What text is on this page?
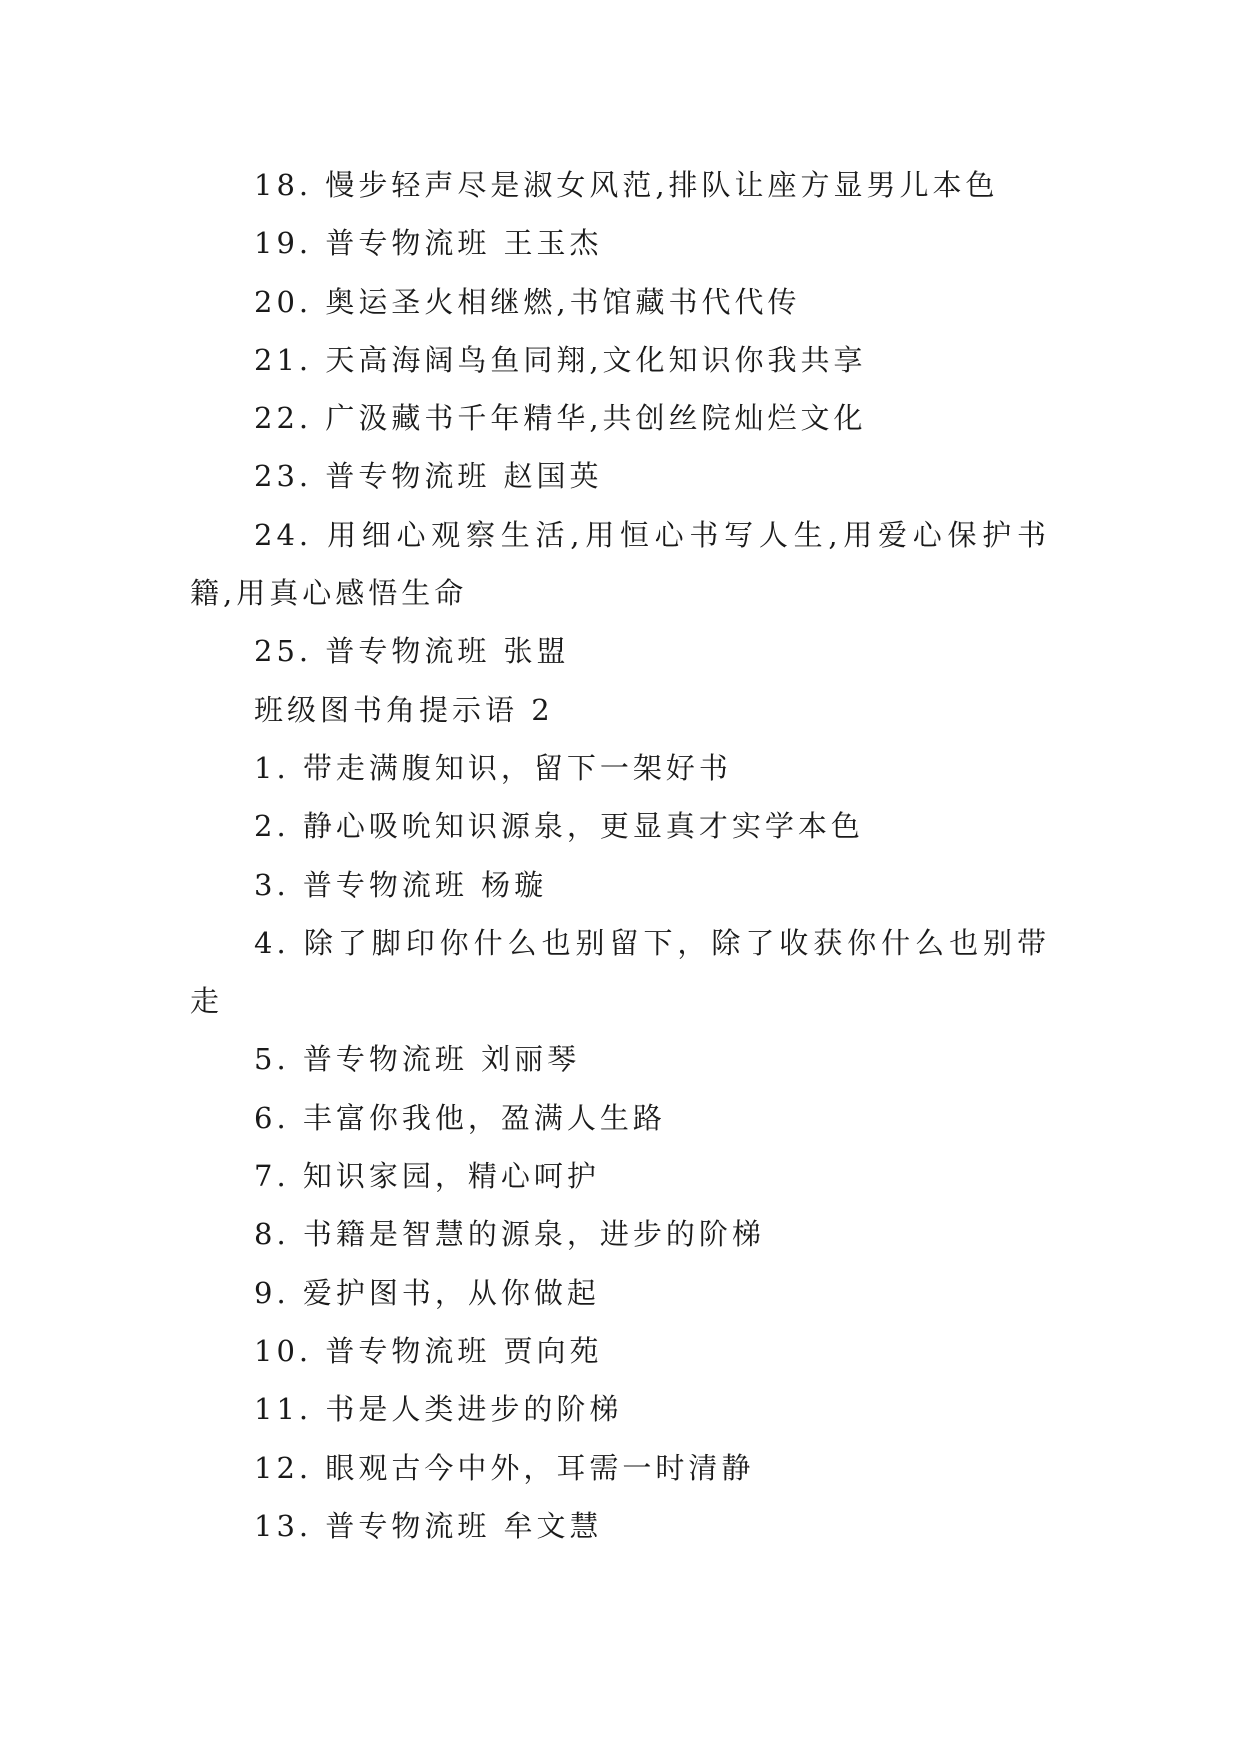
18. 慢步轻声尽是淑女风范,排队让座方显男儿本色

19. 普专物流班 王玉杰

20. 奥运圣火相继燃,书馆藏书代代传

21. 天高海阔鸟鱼同翔,文化知识你我共享

22. 广汲藏书千年精华,共创丝院灿烂文化

23. 普专物流班 赵国英

24. 用细心观察生活,用恒心书写人生,用爱心保护书籍,用真心感悟生命

25. 普专物流班 张盟

班级图书角提示语 2

1. 带走满腹知识，留下一架好书

2. 静心吸吮知识源泉，更显真才实学本色

3. 普专物流班 杨璇

4. 除了脚印你什么也别留下，除了收获你什么也别带走

5. 普专物流班 刘丽琴

6. 丰富你我他，盈满人生路

7. 知识家园，精心呵护

8. 书籍是智慧的源泉，进步的阶梯

9. 爱护图书，从你做起

10. 普专物流班 贾向苑

11. 书是人类进步的阶梯

12. 眼观古今中外，耳需一时清静

13. 普专物流班 牟文慧
